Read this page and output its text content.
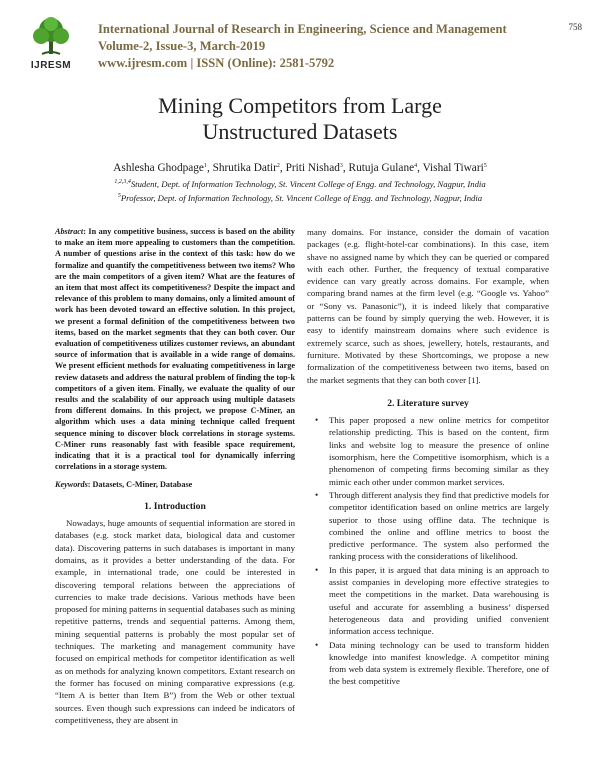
IJRESM
International Journal of Research in Engineering, Science and Management
Volume-2, Issue-3, March-2019
www.ijresm.com | ISSN (Online): 2581-5792
758
Mining Competitors from Large
Unstructured Datasets
Ashlesha Ghodpage$^1$, Shrutika Datir$^2$, Priti Nishad$^3$, Rutuja Gulane$^4$, Vishal Tiwari$^5$
$^{1,2,3,4}$Student, Dept. of Information Technology, St. Vincent College of Engg. and Technology, Nagpur, India
$^5$Professor, Dept. of Information Technology, St. Vincent College of Engg. and Technology, Nagpur, India
Abstract: In any competitive business, success is based on the ability to make an item more appealing to customers than the competition. A number of questions arise in the context of this task: how do we formalize and quantify the competitiveness between two items? Who are the main competitors of a given item? What are the features of an item that most affect its competitiveness? Despite the impact and relevance of this problem to many domains, only a limited amount of work has been devoted toward an effective solution. In this project, we present a formal definition of the competitiveness between two items, based on the market segments that they can both cover. Our evaluation of competitiveness utilizes customer reviews, an abundant source of information that is available in a wide range of domains. We present efficient methods for evaluating competitiveness in large review datasets and address the natural problem of finding the top-k competitors of a given item. Finally, we evaluate the quality of our results and the scalability of our approach using multiple datasets from different domains. In this project, we propose C-Miner, an algorithm which uses a data mining technique called frequent sequence mining to discover block correlations in storage systems. C-Miner runs reasonably fast with feasible space requirement, indicating that it is a practical tool for dynamically inferring correlations in a storage system.
Keywords: Datasets, C-Miner, Database
1. Introduction
Nowadays, huge amounts of sequential information are stored in databases (e.g. stock market data, biological data and customer data). Discovering patterns in such databases is important in many domains, as it provides a better understanding of the data. For example, in international trade, one could be interested in discovering temporal relations between the appreciations of currencies to make trade decisions. Various methods have been proposed for mining patterns in sequential databases such as mining repetitive patterns, trends and sequential patterns. Among them, mining sequential patterns is probably the most popular set of techniques. The marketing and management community have focused on empirical methods for competitor identification as well as on methods for analyzing known competitors. Extant research on the former has focused on mining comparative expressions (e.g. “Item A is better than Item B”) from the Web or other textual sources. Even though such expressions can indeed be indicators of competitiveness, they are absent in
many domains. For instance, consider the domain of vacation packages (e.g. flight-hotel-car combinations). In this case, item shave no assigned name by which they can be queried or compared with each other. Further, the frequency of textual comparative evidence can vary greatly across domains. For example, when comparing brand names at the firm level (e.g. “Google vs. Yahoo” or “Sony vs. Panasonic”), it is indeed likely that comparative patterns can be found by simply querying the web. However, it is easy to identify mainstream domains where such evidence is extremely scarce, such as shoes, jewellery, hotels, restaurants, and furniture. Motivated by these Shortcomings, we propose a new formalization of the competitiveness between two items, based on the market segments that they can both cover [1].
2. Literature survey
• This paper proposed a new online metrics for competitor relationship predicting. This is based on the content, firm links and website log to measure the presence of online isomorphism, here the Competitive isomorphism, which is a phenomenon of competing firms becoming similar as they mimic each other under common market services.
• Through different analysis they find that predictive models for competitor identification based on online metrics are largely superior to those using offline data. The technique is combined the online and offline metrics to boost the predictive performance. The system also performed the ranking process with the considerations of likelihood.
• In this paper, it is argued that data mining is an approach to assist companies in developing more effective strategies to meet the competitions in the market. Data warehousing is useful and accurate for assembling a business’ dispersed heterogeneous data and providing unified convenient information access technique.
• Data mining technology can be used to transform hidden knowledge into manifest knowledge. A competitor mining from web data system is extremely flexible. Therefore, one of the best competitive
